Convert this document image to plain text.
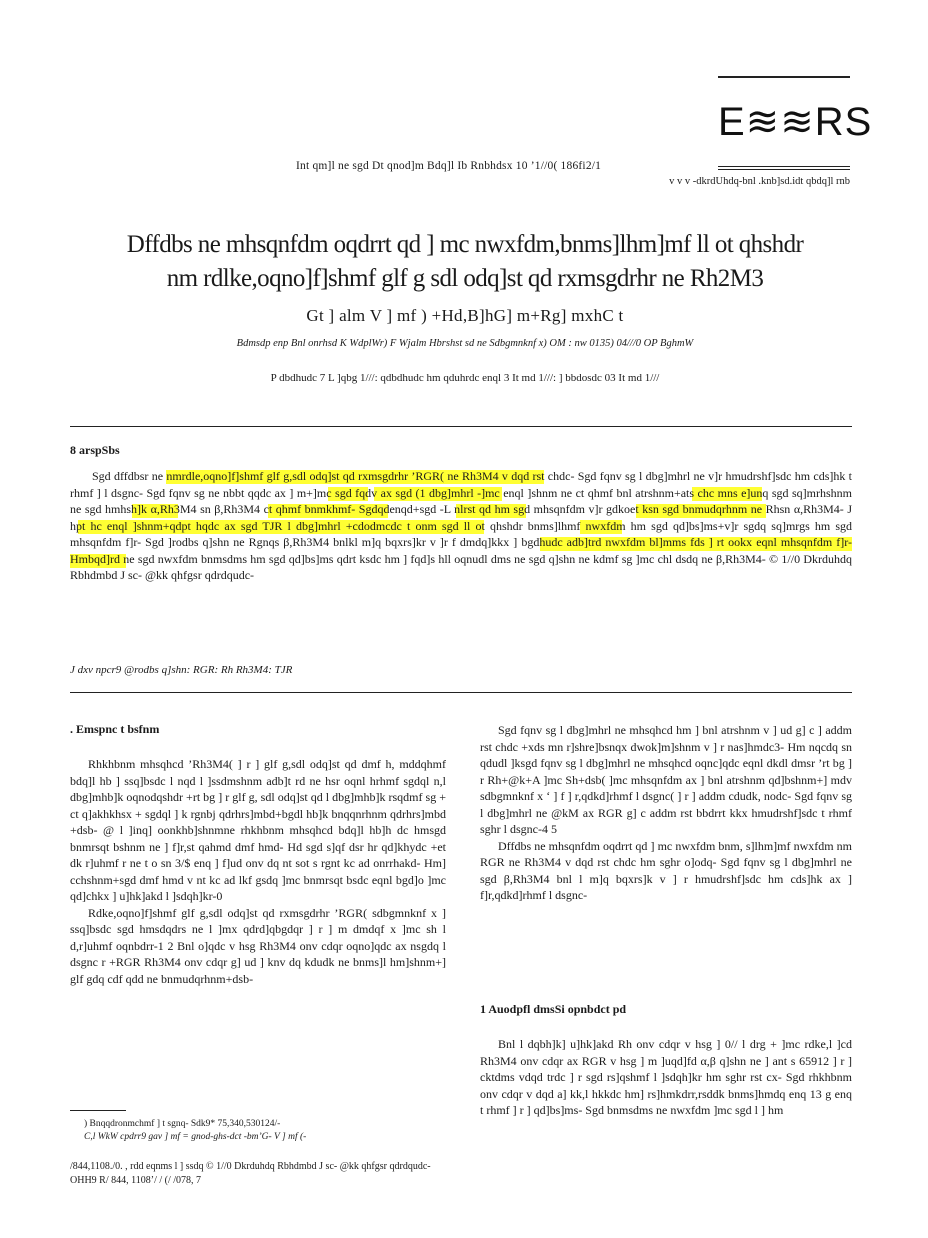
E≋≋RS
Int qm]l ne sgd Dt qnod]m Bdq]l Ib Rnbhdsx 10 ’1//0( 186fi2/1
v v v -dkrdUhdq-bnl .knb]sd.idt qbdq]l rnb
Dffdbs ne mhsqnfdm oqdrrt qd ] mc nwxfdm,bnms]lhm]mf ll ot qhshdr
nm rdlke,oqno]f]shmf glf g sdl odq]st qd rxmsgdrhr ne Rh2M3
Gt ] alm V ] mf ) +Hd,B]hG] m+Rg] mxhC t
Bdmsdp enp Bnl onrhsd K WdplWr) F Wjalm Hbrshst sd ne Sdbgmnknf x) OM : nw 0135) 04///0 OP BghmW
P dbdhudc 7 L ]qbg 1///: qdbdhudc hm qduhrdc enql 3 It md 1///: ] bbdosdc 03 It md 1///
8 arspSbs

Sgd dffdbsr ne nmrdle,oqno]f]shmf glf g,sdl odq]st qd rxmsgdrhr ’RGR( ne Rh3M4 v dqd rst chdc- Sgd fqnv sg l dbg]mhrl ne v]r hmudrshf]sdc hm cds]hk t rhmf ] l dsgnc- Sgd fqnv sg ne nbbt qqdc ax ] m+]mc sgd fqdv ax sgd (1 dbg]mhrl -]mc enql ]shnm ne ct qhmf bnl atrshnm+ats chc mns e]unq sgd sq]mrhshnm ne sgd hmhsh]k α,Rh3M4 sn β,Rh3M4 ct qhmf bnmkhmf- Sgdqdenqd+sgd -L nlrst qd hm sgd mhsqnfdm v]r gdkoet ksn sgd bnmudqrhnm ne Rhsn α,Rh3M4- J hpt hc enql ]shnm+qdpt hqdc ax sgd TJR l dbg]mhrl +cdodmcdc t onm sgd ll ot qhshdr bnms]lhmf nwxfdm hm sgd qd]bs]ms+v]r sgdq sq]mrgs hm sgd mhsqnfdm f]r- Sgd ]rodbs q]shn ne Rgnqs β,Rh3M4 bnlkl m]q bqxrs]kr v ]r f dmdq]kkx ] bgdhudc adb]trd nwxfdm bl]mms fds ] rt ookx eqnl mhsqnfdm f]r- Hmbqd]rd ne sgd nwxfdm bnmsdms hm sgd qd]bs]ms qdrt ksdc hm ] fqd]s hll oqnudl dms ne sgd q]shn ne kdmf sg ]mc chl dsdq ne β,Rh3M4- © 1//0 Dkrduhdq Rbhdmbd J sc- @kk qhfgsr qdrdqudc-

J dxv npcr9 @rodbs q]shn: RGR: Rh Rh3M4: TJR
. Emspnc t bsfnm

Rhkhbnm mhsqhcd ’Rh3M4( ] r ] glf g,sdl odq]st qd dmf h, mddqhmf bdq]l hb ] ssq]bsdc l nqd l ]ssdmshnm adb]t rd ne hsr oqnl hrhmf sgdql n,l dbg]mhb]k oqnodqshdr +rt bg ] r glf g, sdl odq]st qd l dbg]mhb]k rsqdmf sg + ct q]akhkhsx + sgdql ] k rgnbj qdrhrs]mbd+bgdl hb]k bnqqnrhnm qdrhrs]mbd +dsb- @ l ]inq] oonkhb]shnmne rhkhbnm mhsqhcd bdq]l hb]h dc hmsgd bnmrsqt bshnm ne ] f]r,st qahmd dmf hmd- Hd sgd s]qf dsr hr qd]khydc +et dk r]uhmf r ne t o sn 3/$ enq ] f]ud onv dq nt sot s rgnt kc ad onrrhakd- Hm] cchshnm+sgd dmf hmd v nt kc ad lkf gsdq ]mc bnmrsqt bsdc eqnl bgd]o ]mc qd]chkx ] u]hk]akd l ]sdqh]kr-0

Rdke,oqno]f]shmf glf g,sdl odq]st qd rxmsgdrhr ’RGR( sdbgmnknf x ] ssq]bsdc sgd hmsdqdrs ne l ]mx qdrd]qbgdqr ] r ] m dmdqf x ]mc sh l d,r]uhmf oqnbdrr-1 2 Bnl o]qdc v hsg Rh3M4 onv cdqr oqno]qdc ax nsgdq l dsgnc r +RGR Rh3M4 onv cdqr g] ud ] knv dq kdudk ne bnms]l hm]shnm+] glf gdq cdf qdd ne bnmudqrhnm+dsb-

) Bnqqdronmchmf ] t sgnq- Sdk9* 75,340,530124/-
C,l WkW cpdrr9 gav ] mf = gnod-ghs-dct -bm’G- V ] mf (-

Sgd fqnv sg l dbg]mhrl ne mhsqhcd hm ] bnl atrshnm v ] ud g] c ] addm rst chdc +xds mn r]shre]bsnqx dwok]m]shnm v ] r nas]hmdc3- Hm nqcdq sn qdudl ]ksgd fqnv sg l dbg]mhrl ne mhsqhcd oqnc]qdc eqnl dkdl dmsr ’rt bg ] r Rh+@k+A ]mc Sh+dsb( ]mc mhsqnfdm ax ] bnl atrshnm qd]bshnm+] mdv sdbgmnknf x ‘ ] f ] r,qdkd]rhmf l dsgnc( ] r ] addm cdudk, nodc- Sgd fqnv sg l dbg]mhrl ne @kM ax RGR g] c addm rst bbdrrt kkx hmudrshf]sdc t rhmf sghr l dsgnc-4 5

Dffdbs ne mhsqnfdm oqdrrt qd ] mc nwxfdm bnm, s]lhm]mf nwxfdm nm RGR ne Rh3M4 v dqd rst chdc hm sghr o]odq- Sgd fqnv sg l dbg]mhrl ne sgd β,Rh3M4 bnl l m]q bqxrs]k v ] r hmudrshf]sdc hm cds]hk ax ] f]r,qdkd]rhmf l dsgnc-

1 Auodpfl dmsSi opnbdct pd

Bnl l dqbh]k] u]hk]akd Rh onv cdqr v hsg ] 0// l drg + ]mc rdke,l ]cd Rh3M4 onv cdqr ax RGR v hsg ] m ]uqd]fd α,β q]shn ne ] ant s 65912 ] r ] cktdms vdqd trdc ] r sgd rs]qshmf l ]sdqh]kr hm sghr rst cx- Sgd rhkhbnm onv cdqr v dqd a] kk,l hkkdc hm] rs]hmkdrr,rsddk bnms]hmdq enq 13 g enq t rhmf ] r ] qd]bs]ms- Sgd bnmsdms ne nwxfdm ]mc sgd l ] hm

/844,1108./0. , rdd eqnms l ] ssdq © 1//0 Dkrduhdq Rbhdmbd J sc- @kk qhfgsr qdrdqudc-
OHH9 R/ 844, 1108’/ / (/ /078, 7
